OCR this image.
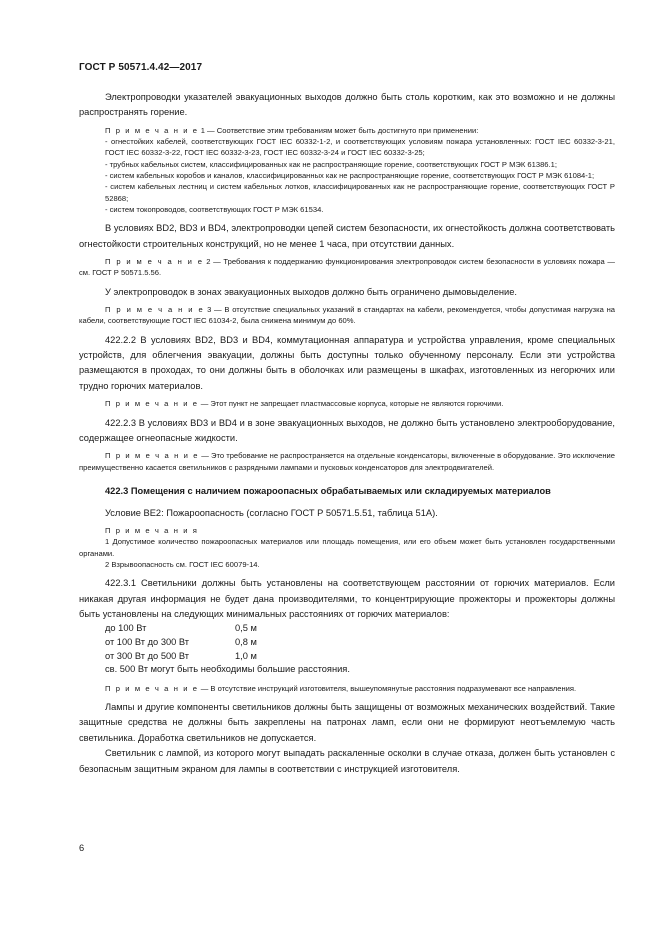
ГОСТ Р 50571.4.42—2017

Электропроводки указателей эвакуационных выходов должно быть столь коротким, как это возможно и не должны распространять горение.

П р и м е ч а н и е 1 — Соответствие этим требованиям может быть достигнуто при применении:

- огнестойких кабелей, соответствующих ГОСТ IEC 60332-1-2, и соответствующих условиям пожара установленных: ГОСТ IEC 60332-3-21, ГОСТ IEC 60332-3-22, ГОСТ IEC 60332-3-23, ГОСТ IEC 60332-3-24 и ГОСТ IEC 60332-3-25;

- трубных кабельных систем, классифицированных как не распространяющие горение, соответствующих ГОСТ Р МЭК 61386.1;

- систем кабельных коробов и каналов, классифицированных как не распространяющие горение, соответствующих ГОСТ Р МЭК 61084-1;

- систем кабельных лестниц и систем кабельных лотков, классифицированных как не распространяющие горение, соответствующих ГОСТ Р 52868;

- систем токопроводов, соответствующих ГОСТ Р МЭК 61534.

В условиях BD2, BD3 и BD4, электропроводки цепей систем безопасности, их огнестойкость должна соответствовать огнестойкости строительных конструкций, но не менее 1 часа, при отсутствии данных.

П р и м е ч а н и е 2 — Требования к поддержанию функционирования электропроводок систем безопасности в условиях пожара — см. ГОСТ Р 50571.5.56.

У электропроводок в зонах эвакуационных выходов должно быть ограничено дымовыделение.

П р и м е ч а н и е 3 — В отсутствие специальных указаний в стандартах на кабели, рекомендуется, чтобы допустимая нагрузка на кабели, соответствующие ГОСТ IEC 61034-2, была снижена минимум до 60%.

422.2.2 В условиях BD2, BD3 и BD4, коммутационная аппаратура и устройства управления, кроме специальных устройств, для облегчения эвакуации, должны быть доступны только обученному персоналу. Если эти устройства размещаются в проходах, то они должны быть в оболочках или размещены в шкафах, изготовленных из негорючих или трудно горючих материалов.

П р и м е ч а н и е — Этот пункт не запрещает пластмассовые корпуса, которые не являются горючими.

422.2.3 В условиях BD3 и BD4 и в зоне эвакуационных выходов, не должно быть установлено электрооборудование, содержащее огнеопасные жидкости.

П р и м е ч а н и е — Это требование не распространяется на отдельные конденсаторы, включенные в оборудование. Это исключение преимущественно касается светильников с разрядными лампами и пусковых конденсаторов для электродвигателей.

422.3 Помещения с наличием пожароопасных обрабатываемых или складируемых материалов

Условие ВЕ2: Пожароопасность (согласно ГОСТ Р 50571.5.51, таблица 51А).

П р и м е ч а н и я

1 Допустимое количество пожароопасных материалов или площадь помещения, или его объем может быть установлен государственными органами.

2 Взрывоопасность см. ГОСТ IEC 60079-14.

422.3.1 Светильники должны быть установлены на соответствующем расстоянии от горючих материалов. Если никакая другая информация не будет дана производителями, то концентрирующие прожекторы и прожекторы должны быть установлены на следующих минимальных расстояниях от горючих материалов:

до 100 Вт	0,5 м
от 100 Вт до 300 Вт	0,8 м
от 300 Вт до 500 Вт	1,0 м
св. 500 Вт могут быть необходимы большие расстояния.

П р и м е ч а н и е — В отсутствие инструкций изготовителя, вышеупомянутые расстояния подразумевают все направления.

Лампы и другие компоненты светильников должны быть защищены от возможных механических воздействий. Такие защитные средства не должны быть закреплены на патронах ламп, если они не формируют неотъемлемую часть светильника. Доработка светильников не допускается.

Светильник с лампой, из которого могут выпадать раскаленные осколки в случае отказа, должен быть установлен с безопасным защитным экраном для лампы в соответствии с инструкцией изготовителя.

6
